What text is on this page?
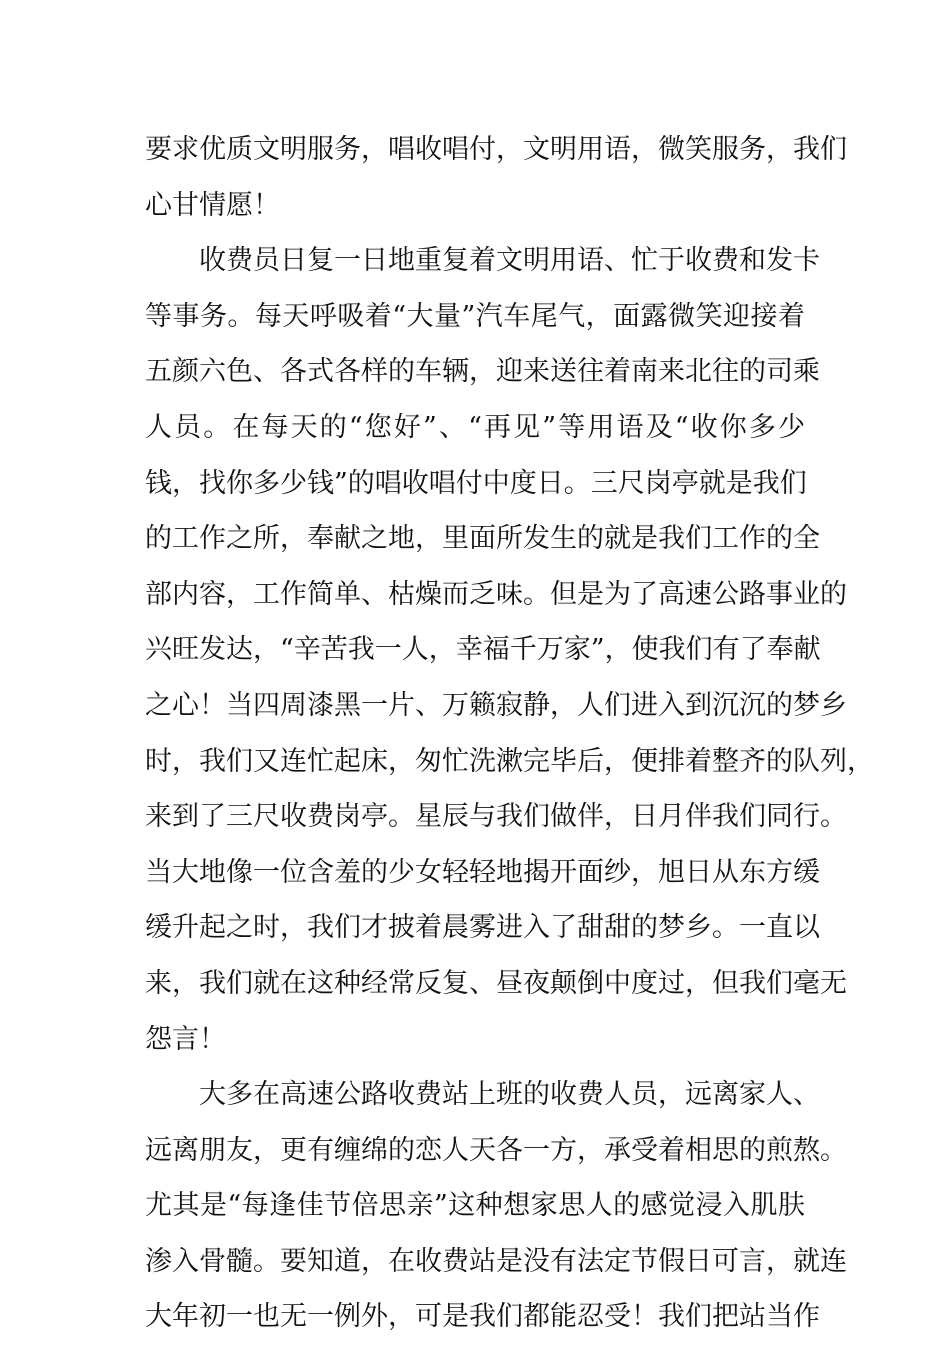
要求优质文明服务，唱收唱付，文明用语，微笑服务，我们
心甘情愿！
收费员日复一日地重复着文明用语、忙于收费和发卡
等事务。每天呼吸着“大量”汽车尾气，面露微笑迎接着
五颜六色、各式各样的车辆，迎来送往着南来北往的司乘
人员。在每天的“您好”、“再见”等用语及“收你多少
钱，找你多少钱”的唱收唱付中度日。三尺岗亭就是我们
的工作之所，奉献之地，里面所发生的就是我们工作的全
部内容，工作简单、枯燥而乏味。但是为了高速公路事业的
兴旺发达，“辛苦我一人，幸福千万家”，使我们有了奉献
之心！当四周漆黑一片、万籁寂静，人们进入到沉沉的梦乡
时，我们又连忙起床，匆忙洗漱完毕后，便排着整齐的队列，
来到了三尺收费岗亭。星辰与我们做伴，日月伴我们同行。
当大地像一位含羞的少女轻轻地揭开面纱，旭日从东方缓
缓升起之时，我们才披着晨雾进入了甜甜的梦乡。一直以
来，我们就在这种经常反复、昼夜颠倒中度过，但我们毫无
怨言！
大多在高速公路收费站上班的收费人员，远离家人、
远离朋友，更有缠绵的恋人天各一方，承受着相思的煎熬。
尤其是“每逢佳节倍思亲”这种想家思人的感觉浸入肌肤
渗入骨髓。要知道，在收费站是没有法定节假日可言，就连
大年初一也无一例外，可是我们都能忍受！我们把站当作
